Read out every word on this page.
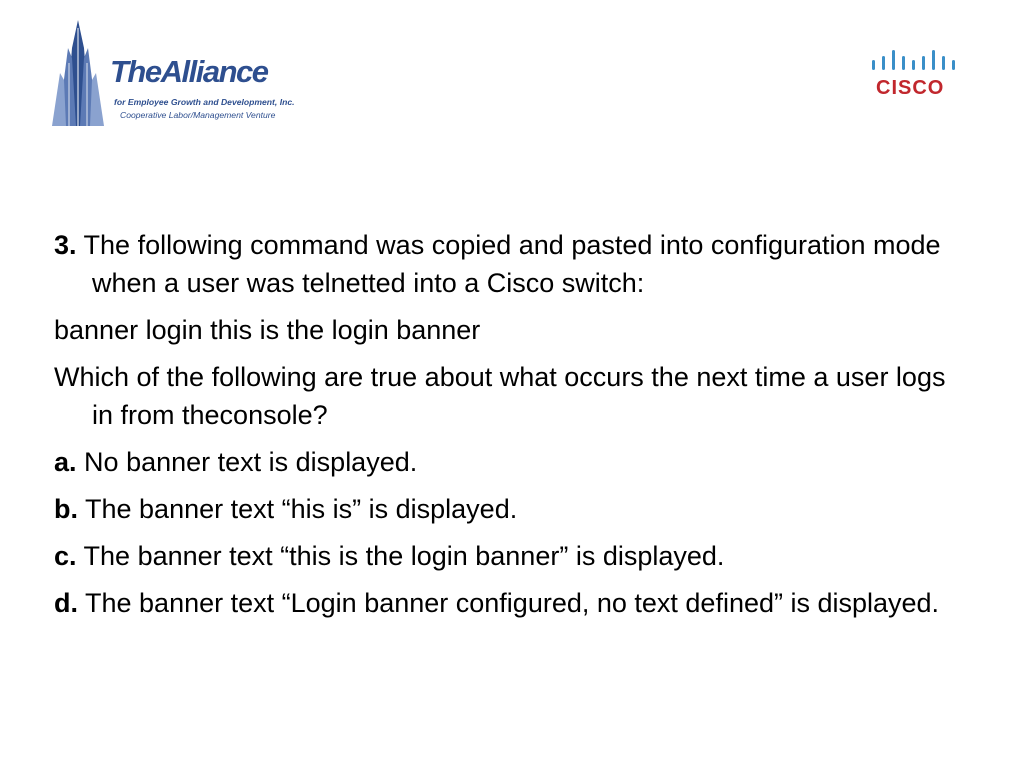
TheAlliance
for Employee Growth and Development, Inc.
Cooperative Labor/Management Venture
CISCO

3. The following command was copied and pasted into configuration mode when a user was telnetted into a Cisco switch:

banner login this is the login banner

Which of the following are true about what occurs the next time a user logs in from theconsole?

a. No banner text is displayed.

b. The banner text “his is” is displayed.

c. The banner text “this is the login banner” is displayed.

d. The banner text “Login banner configured, no text defined” is displayed.
